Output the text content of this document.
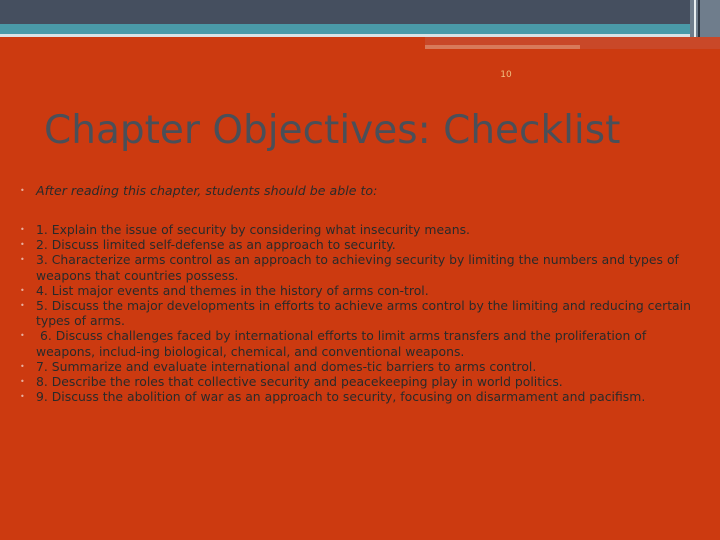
10
Chapter Objectives: Checklist
• After reading this chapter, students should be able to:
• 1. Explain the issue of security by considering what insecurity means.
• 2. Discuss limited self-defense as an approach to security.
• 3. Characterize arms control as an approach to achieving security by limiting the numbers and types of weapons that countries possess.
• 4. List major events and themes in the history of arms con-trol.
• 5. Discuss the major developments in efforts to achieve arms control by the limiting and reducing certain types of arms.
• 6. Discuss challenges faced by international efforts to limit arms transfers and the proliferation of weapons, includ-ing biological, chemical, and conventional weapons.
• 7. Summarize and evaluate international and domes-tic barriers to arms control.
• 8. Describe the roles that collective security and peacekeeping play in world politics.
• 9. Discuss the abolition of war as an approach to security, focusing on disarmament and pacifism.
